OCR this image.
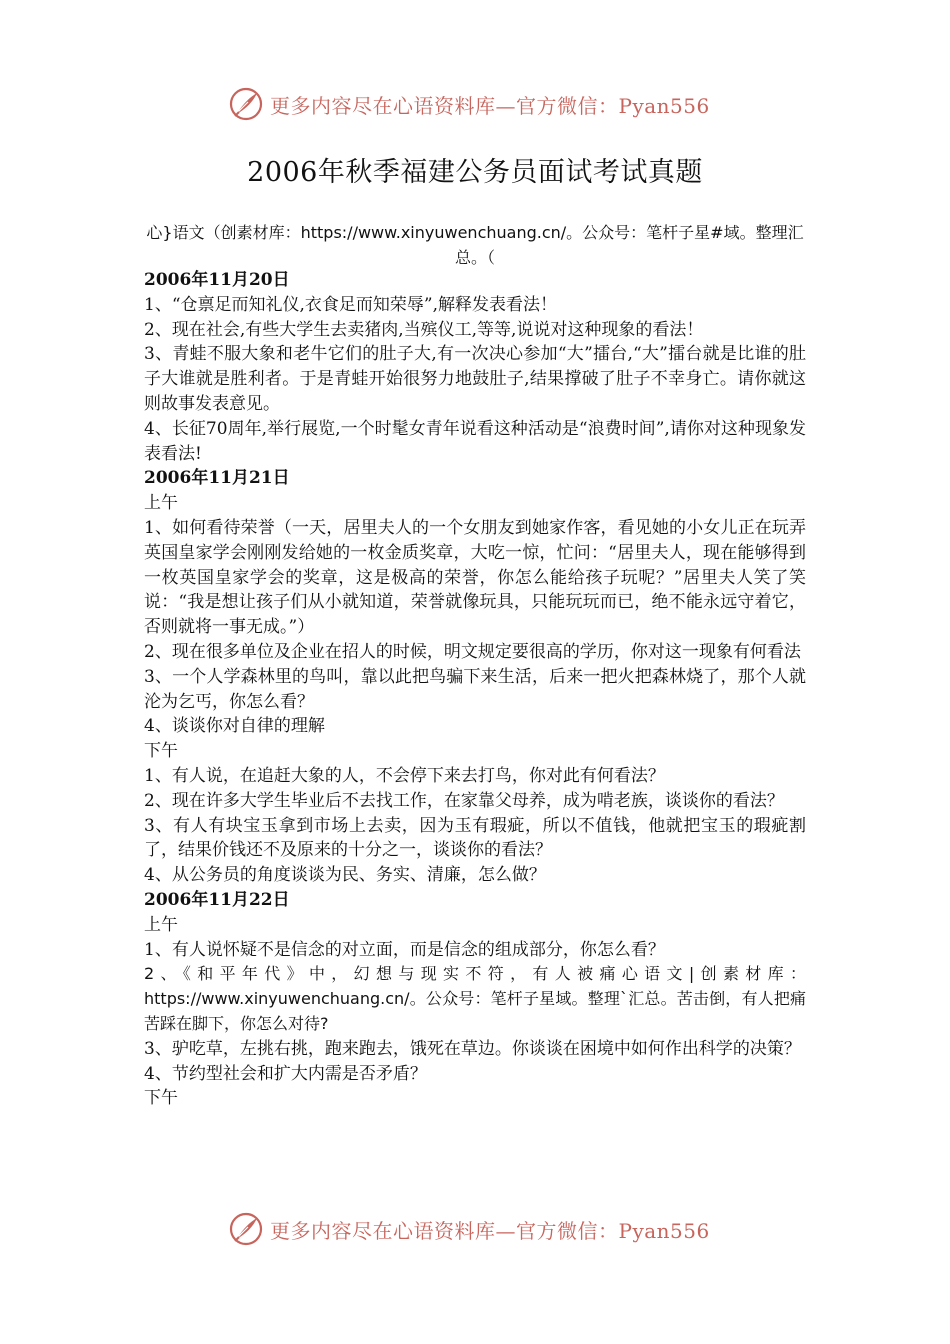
更多内容尽在心语资料库—官方微信：Pyan556
2006年秋季福建公务员面试考试真题
心}语文（创素材库：https://www.xinyuwenchuang.cn/。公众号：笔杆子星#域。整理汇总。（

2006年11月20日

1、“仓禀足而知礼仪,衣食足而知荣辱”,解释发表看法！

2、现在社会,有些大学生去卖猪肉,当殡仪工,等等,说说对这种现象的看法！

3、青蛙不服大象和老牛它们的肚子大,有一次决心参加“大”擂台,“大”擂台就是比谁的肚子大谁就是胜利者。于是青蛙开始很努力地鼓肚子,结果撑破了肚子不幸身亡。请你就这则故事发表意见。

4、长征70周年,举行展览,一个时髦女青年说看这种活动是“浪费时间”,请你对这种现象发表看法!

2006年11月21日

上午

1、如何看待荣誉（一天，居里夫人的一个女朋友到她家作客，看见她的小女儿正在玩弄英国皇家学会刚刚发给她的一枚金质奖章，大吃一惊，忙问：“居里夫人，现在能够得到一枚英国皇家学会的奖章，这是极高的荣誉，你怎么能给孩子玩呢？”居里夫人笑了笑说：“我是想让孩子们从小就知道，荣誉就像玩具，只能玩玩而已，绝不能永远守着它，否则就将一事无成。”）

2、现在很多单位及企业在招人的时候，明文规定要很高的学历，你对这一现象有何看法

3、一个人学森林里的鸟叫，靠以此把鸟骗下来生活，后来一把火把森林烧了，那个人就沦为乞丐，你怎么看？

4、谈谈你对自律的理解

下午

1、有人说，在追赶大象的人，不会停下来去打鸟，你对此有何看法？

2、现在许多大学生毕业后不去找工作，在家靠父母养，成为啃老族，谈谈你的看法？

3、有人有块宝玉拿到市场上去卖，因为玉有瑕疵，所以不值钱，他就把宝玉的瑕疵割了，结果价钱还不及原来的十分之一，谈谈你的看法？

4、从公务员的角度谈谈为民、务实、清廉，怎么做？

2006年11月22日

上午

1、有人说怀疑不是信念的对立面，而是信念的组成部分，你怎么看？

2、《和平年代》中，幻想与现实不符，有人被痛心语文|创素材库：https://www.xinyuwenchuang.cn/。公众号：笔杆子星域。整理`汇总。苦击倒，有人把痛苦踩在脚下，你怎么对待?

3、驴吃草，左挑右挑，跑来跑去，饿死在草边。你谈谈在困境中如何作出科学的决策？

4、节约型社会和扩大内需是否矛盾？

下午

更多内容尽在心语资料库—官方微信：Pyan556
